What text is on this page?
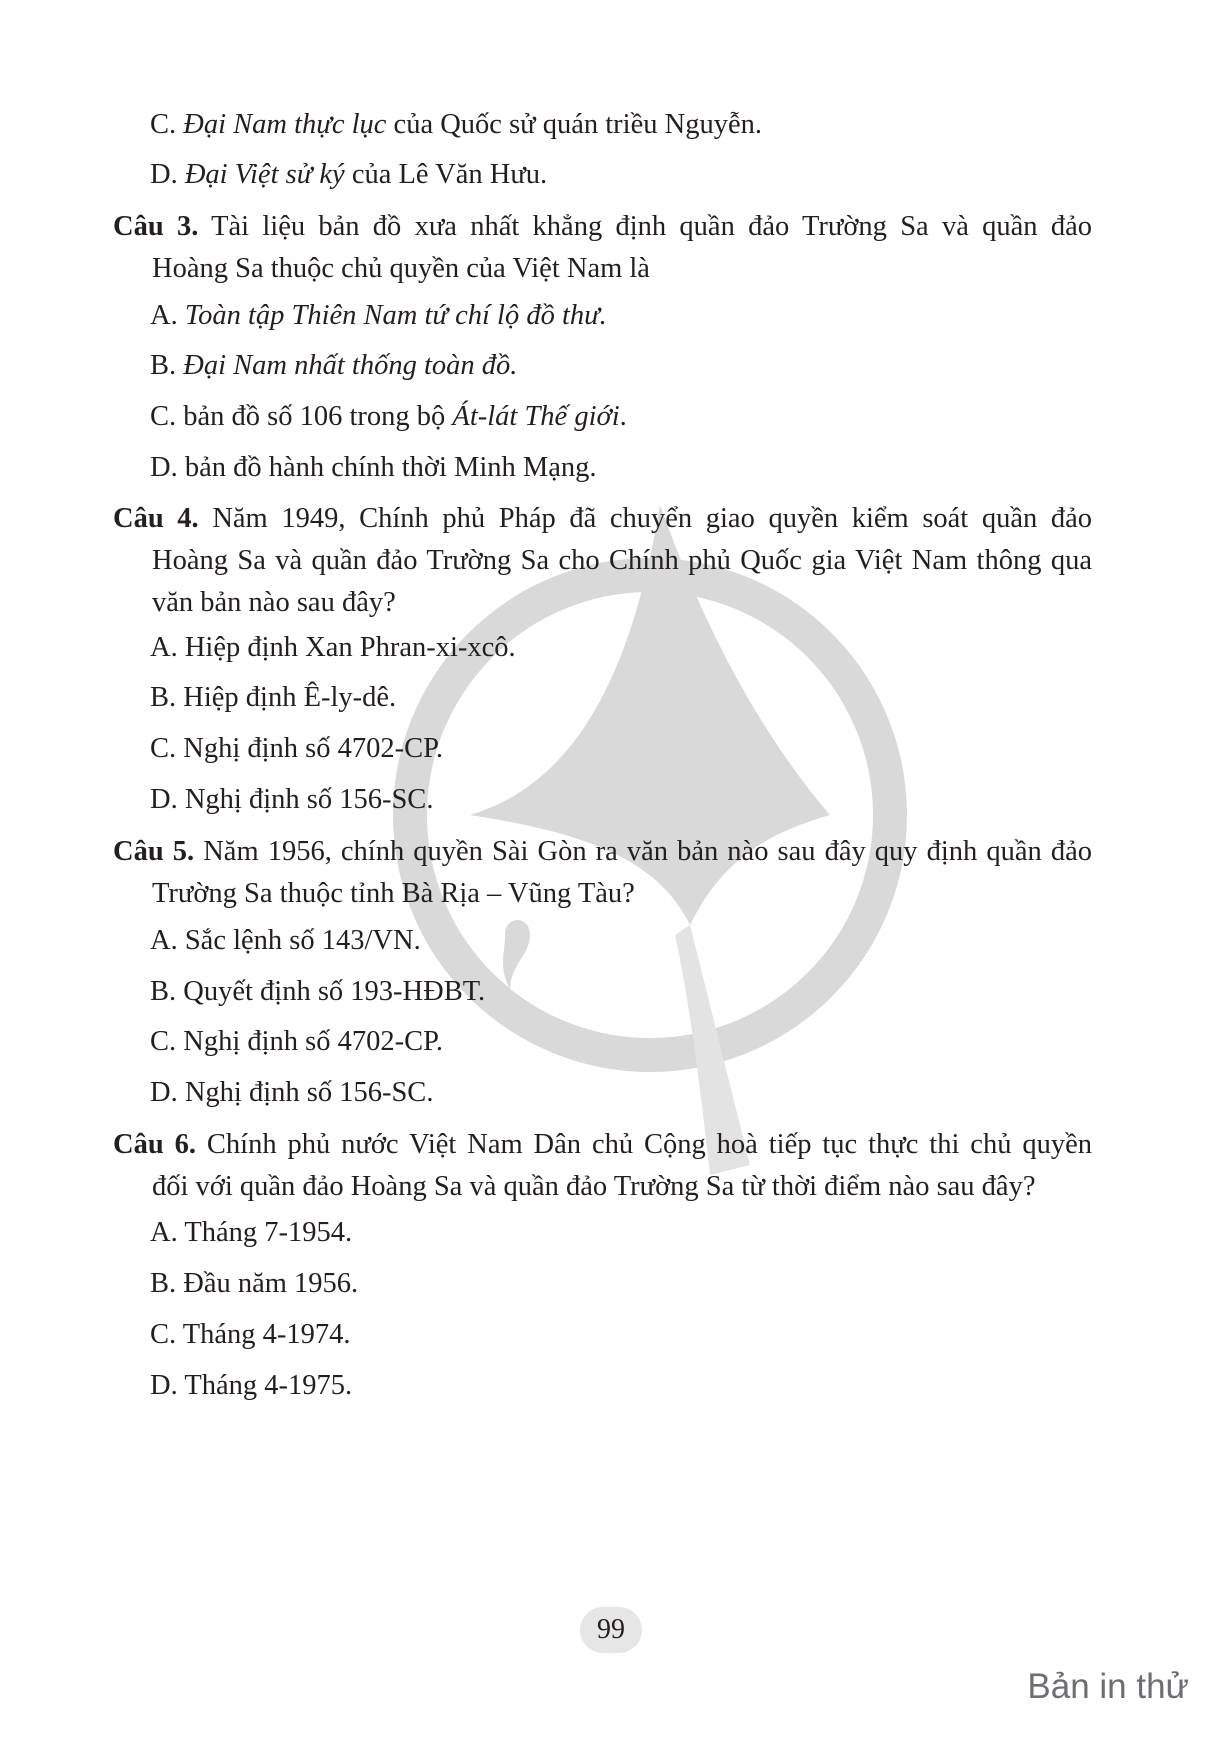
C. Đại Nam thực lục của Quốc sử quán triều Nguyễn.
D. Đại Việt sử ký của Lê Văn Hưu.
Câu 3. Tài liệu bản đồ xưa nhất khẳng định quần đảo Trường Sa và quần đảo
Hoàng Sa thuộc chủ quyền của Việt Nam là
A. Toàn tập Thiên Nam tứ chí lộ đồ thư.
B. Đại Nam nhất thống toàn đồ.
C. bản đồ số 106 trong bộ Át-lát Thế giới.
D. bản đồ hành chính thời Minh Mạng.
Câu 4. Năm 1949, Chính phủ Pháp đã chuyển giao quyền kiểm soát quần đảo
Hoàng Sa và quần đảo Trường Sa cho Chính phủ Quốc gia Việt Nam thông qua
văn bản nào sau đây?
A. Hiệp định Xan Phran-xi-xcô.
B. Hiệp định Ê-ly-dê.
C. Nghị định số 4702-CP.
D. Nghị định số 156-SC.
Câu 5. Năm 1956, chính quyền Sài Gòn ra văn bản nào sau đây quy định quần đảo
Trường Sa thuộc tỉnh Bà Rịa – Vũng Tàu?
A. Sắc lệnh số 143/VN.
B. Quyết định số 193-HĐBT.
C. Nghị định số 4702-CP.
D. Nghị định số 156-SC.
Câu 6. Chính phủ nước Việt Nam Dân chủ Cộng hoà tiếp tục thực thi chủ quyền
đối với quần đảo Hoàng Sa và quần đảo Trường Sa từ thời điểm nào sau đây?
A. Tháng 7-1954.
B. Đầu năm 1956.
C. Tháng 4-1974.
D. Tháng 4-1975.
99
Bản in thử
